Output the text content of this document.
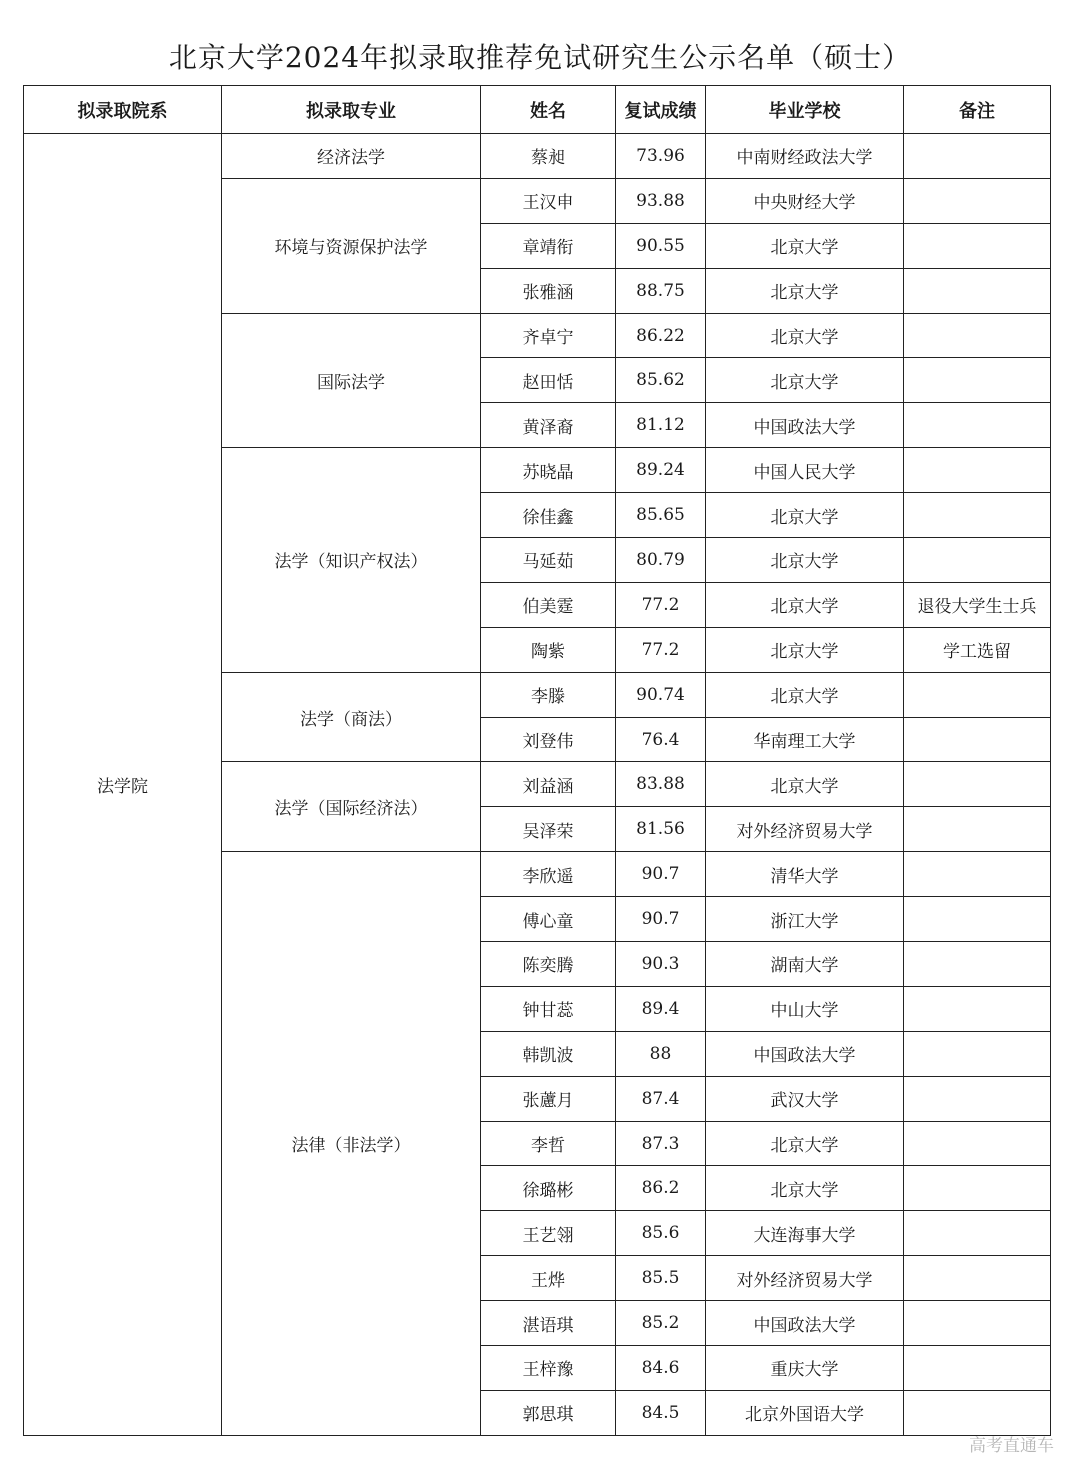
北京大学2024年拟录取推荐免试研究生公示名单（硕士）
拟录取院系	拟录取专业	姓名	复试成绩	毕业学校	备注
法学院	经济法学	蔡昶	73.96	中南财经政法大学	
	环境与资源保护法学	王汉申	93.88	中央财经大学	
		章靖衔	90.55	北京大学	
		张雅涵	88.75	北京大学	
	国际法学	齐卓宁	86.22	北京大学	
		赵田恬	85.62	北京大学	
		黄泽裔	81.12	中国政法大学	
	法学（知识产权法）	苏晓晶	89.24	中国人民大学	
		徐佳鑫	85.65	北京大学	
		马延茹	80.79	北京大学	
		伯美霆	77.2	北京大学	退役大学生士兵
		陶紫	77.2	北京大学	学工选留
	法学（商法）	李滕	90.74	北京大学	
		刘登伟	76.4	华南理工大学	
	法学（国际经济法）	刘益涵	83.88	北京大学	
		吴泽荣	81.56	对外经济贸易大学	
	法律（非法学）	李欣遥	90.7	清华大学	
		傅心童	90.7	浙江大学	
		陈奕腾	90.3	湖南大学	
		钟甘蕊	89.4	中山大学	
		韩凯波	88	中国政法大学	
		张藘月	87.4	武汉大学	
		李哲	87.3	北京大学	
		徐璐彬	86.2	北京大学	
		王艺翎	85.6	大连海事大学	
		王烨	85.5	对外经济贸易大学	
		湛语琪	85.2	中国政法大学	
		王梓豫	84.6	重庆大学	
		郭思琪	84.5	北京外国语大学	
高考直通车
